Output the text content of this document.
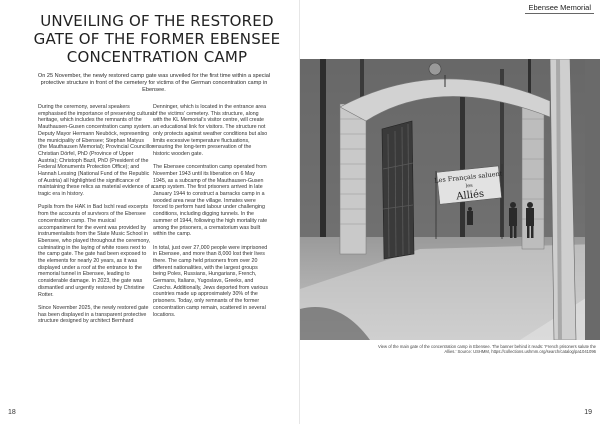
UNVEILING OF THE RESTORED
GATE OF THE FORMER EBENSEE
CONCENTRATION CAMP
On 25 November, the newly restored camp gate was unveiled for the first time within a special protective structure in front of the cemetery for victims of the German concentration camp in Ebensee.

During the ceremony, several speakers emphasised the importance of preserving cultural heritage, which includes the remnants of the Mauthausen-Gusen concentration camp system. Deputy Mayor Hermann Neuböck, representing the municipality of Ebensee; Stephan Matyus (the Mauthausen Memorial); Provincial Councillor Christian Dörfel, PhD (Province of Upper Austria); Christoph Bazil, PhD (President of the Federal Monuments Protection Office); and Hannah Lessing (National Fund of the Republic of Austria) all highlighted the significance of maintaining these relics as material evidence of a tragic era in history.

Pupils from the HAK in Bad Ischl read excerpts from the accounts of survivors of the Ebensee concentration camp. The musical accompaniment for the event was provided by instrumentalists from the State Music School in Ebensee, who played throughout the ceremony, culminating in the laying of white roses next to the camp gate. The gate had been exposed to the elements for nearly 20 years, as it was displayed under a roof at the entrance to the memorial tunnel in Ebensee, leading to considerable damage. In 2023, the gate was dismantled and urgently restored by Christine Rotter.

Since November 2025, the newly restored gate has been displayed in a transparent protective structure designed by architect Bernhard

Denninger, which is located in the entrance area of the victims’ cemetery. This structure, along with the KL Memorial’s visitor centre, will create an educational link for visitors. The structure not only protects against weather conditions but also limits excessive temperature fluctuations, ensuring the long-term preservation of the historic wooden gate.

The Ebensee concentration camp operated from November 1943 until its liberation on 6 May 1945, as a subcamp of the Mauthausen-Gusen camp system. The first prisoners arrived in late January 1944 to construct a barracks camp in a wooded area near the village. Inmates were forced to perform hard labour under challenging conditions, including digging tunnels. In the summer of 1944, following the high mortality rate among the prisoners, a crematorium was built within the camp.

In total, just over 27,000 people were imprisoned in Ebensee, and more than 8,000 lost their lives there. The camp held prisoners from over 20 different nationalities, with the largest groups being Poles, Russians, Hungarians, French, Germans, Italians, Yugoslavs, Greeks, and Czechs. Additionally, Jews deported from various countries made up approximately 30% of the prisoners. Today, only remnants of the former concentration camp remain, scattered in several locations.

18
Ebensee Memorial
Les Français saluent
les
Alliés
View of the main gate of the concentration camp in Ebensee. The banner behind it reads: ‘French prisoners salute the
Allies.’ Source: USHMM, https://collections.ushmm.org/search/catalog/pa1041096
19
